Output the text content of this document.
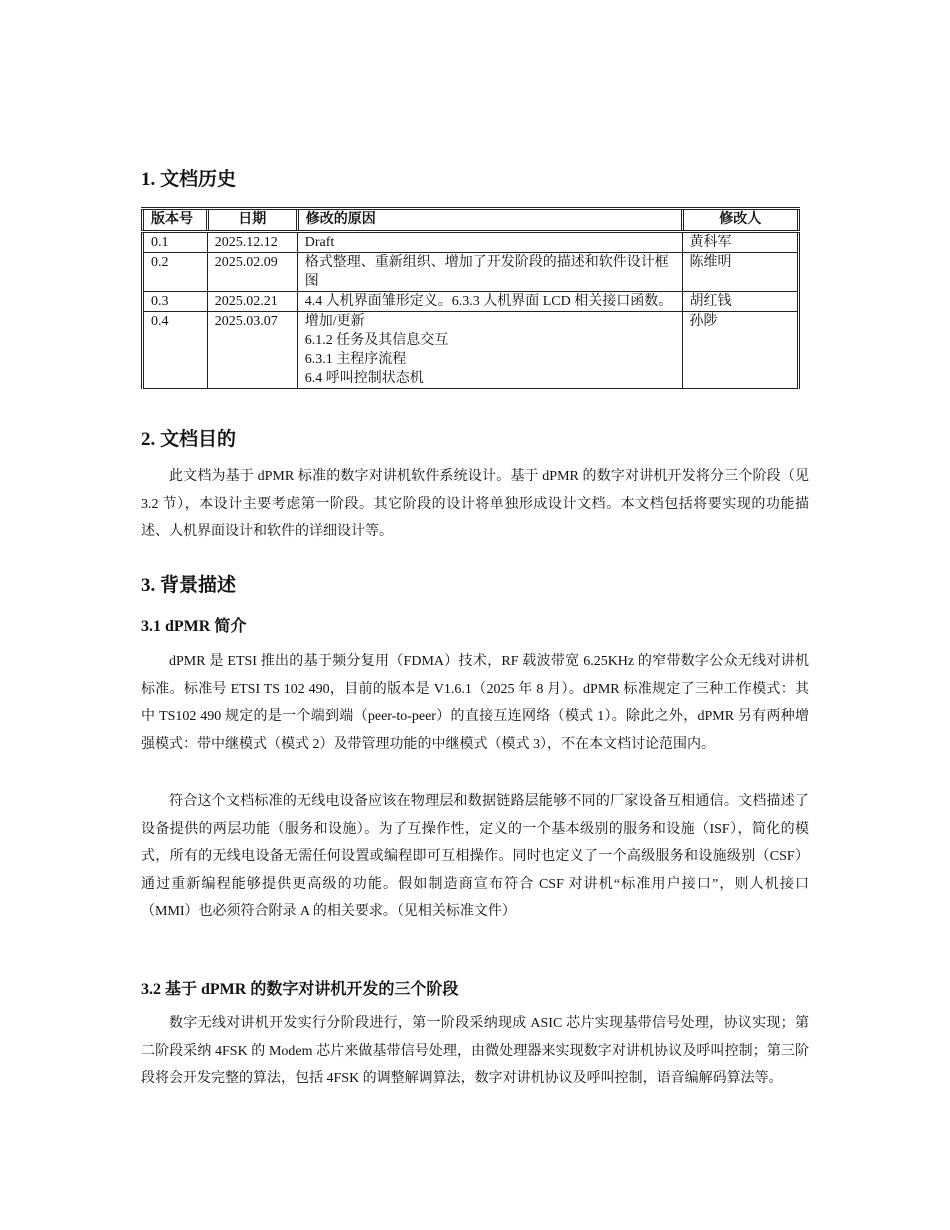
1. 文档历史
版本号	日期	修改的原因	修改人
0.1	2025.12.12	Draft	黄科军
0.2	2025.02.09	格式整理、重新组织、增加了开发阶段的描述和软件设计框图	陈维明
0.3	2025.02.21	4.4 人机界面雏形定义。6.3.3 人机界面 LCD 相关接口函数。	胡红钱
0.4	2025.03.07	增加/更新
6.1.2 任务及其信息交互
6.3.1 主程序流程
6.4 呼叫控制状态机	孙陟
2. 文档目的

此文档为基于 dPMR 标准的数字对讲机软件系统设计。基于 dPMR 的数字对讲机开发将分三个阶段（见 3.2 节），本设计主要考虑第一阶段。其它阶段的设计将单独形成设计文档。本文档包括将要实现的功能描述、人机界面设计和软件的详细设计等。

3. 背景描述
3.1 dPMR 简介

dPMR 是 ETSI 推出的基于频分复用（FDMA）技术，RF 载波带宽 6.25KHz 的窄带数字公众无线对讲机标准。标准号 ETSI TS 102 490，目前的版本是 V1.6.1（2025 年 8 月）。dPMR 标准规定了三种工作模式：其中 TS102 490 规定的是一个端到端（peer-to-peer）的直接互连网络（模式 1）。除此之外，dPMR 另有两种增强模式：带中继模式（模式 2）及带管理功能的中继模式（模式 3），不在本文档讨论范围内。

符合这个文档标准的无线电设备应该在物理层和数据链路层能够不同的厂家设备互相通信。文档描述了设备提供的两层功能（服务和设施）。为了互操作性，定义的一个基本级别的服务和设施（ISF），简化的模式，所有的无线电设备无需任何设置或编程即可互相操作。同时也定义了一个高级服务和设施级别（CSF）通过重新编程能够提供更高级的功能。假如制造商宣布符合 CSF 对讲机“标准用户接口”，则人机接口（MMI）也必须符合附录 A 的相关要求。（见相关标准文件）

3.2 基于 dPMR 的数字对讲机开发的三个阶段

数字无线对讲机开发实行分阶段进行，第一阶段采纳现成 ASIC 芯片实现基带信号处理，协议实现；第二阶段采纳 4FSK 的 Modem 芯片来做基带信号处理，由微处理器来实现数字对讲机协议及呼叫控制；第三阶段将会开发完整的算法，包括 4FSK 的调整解调算法，数字对讲机协议及呼叫控制，语音编解码算法等。
